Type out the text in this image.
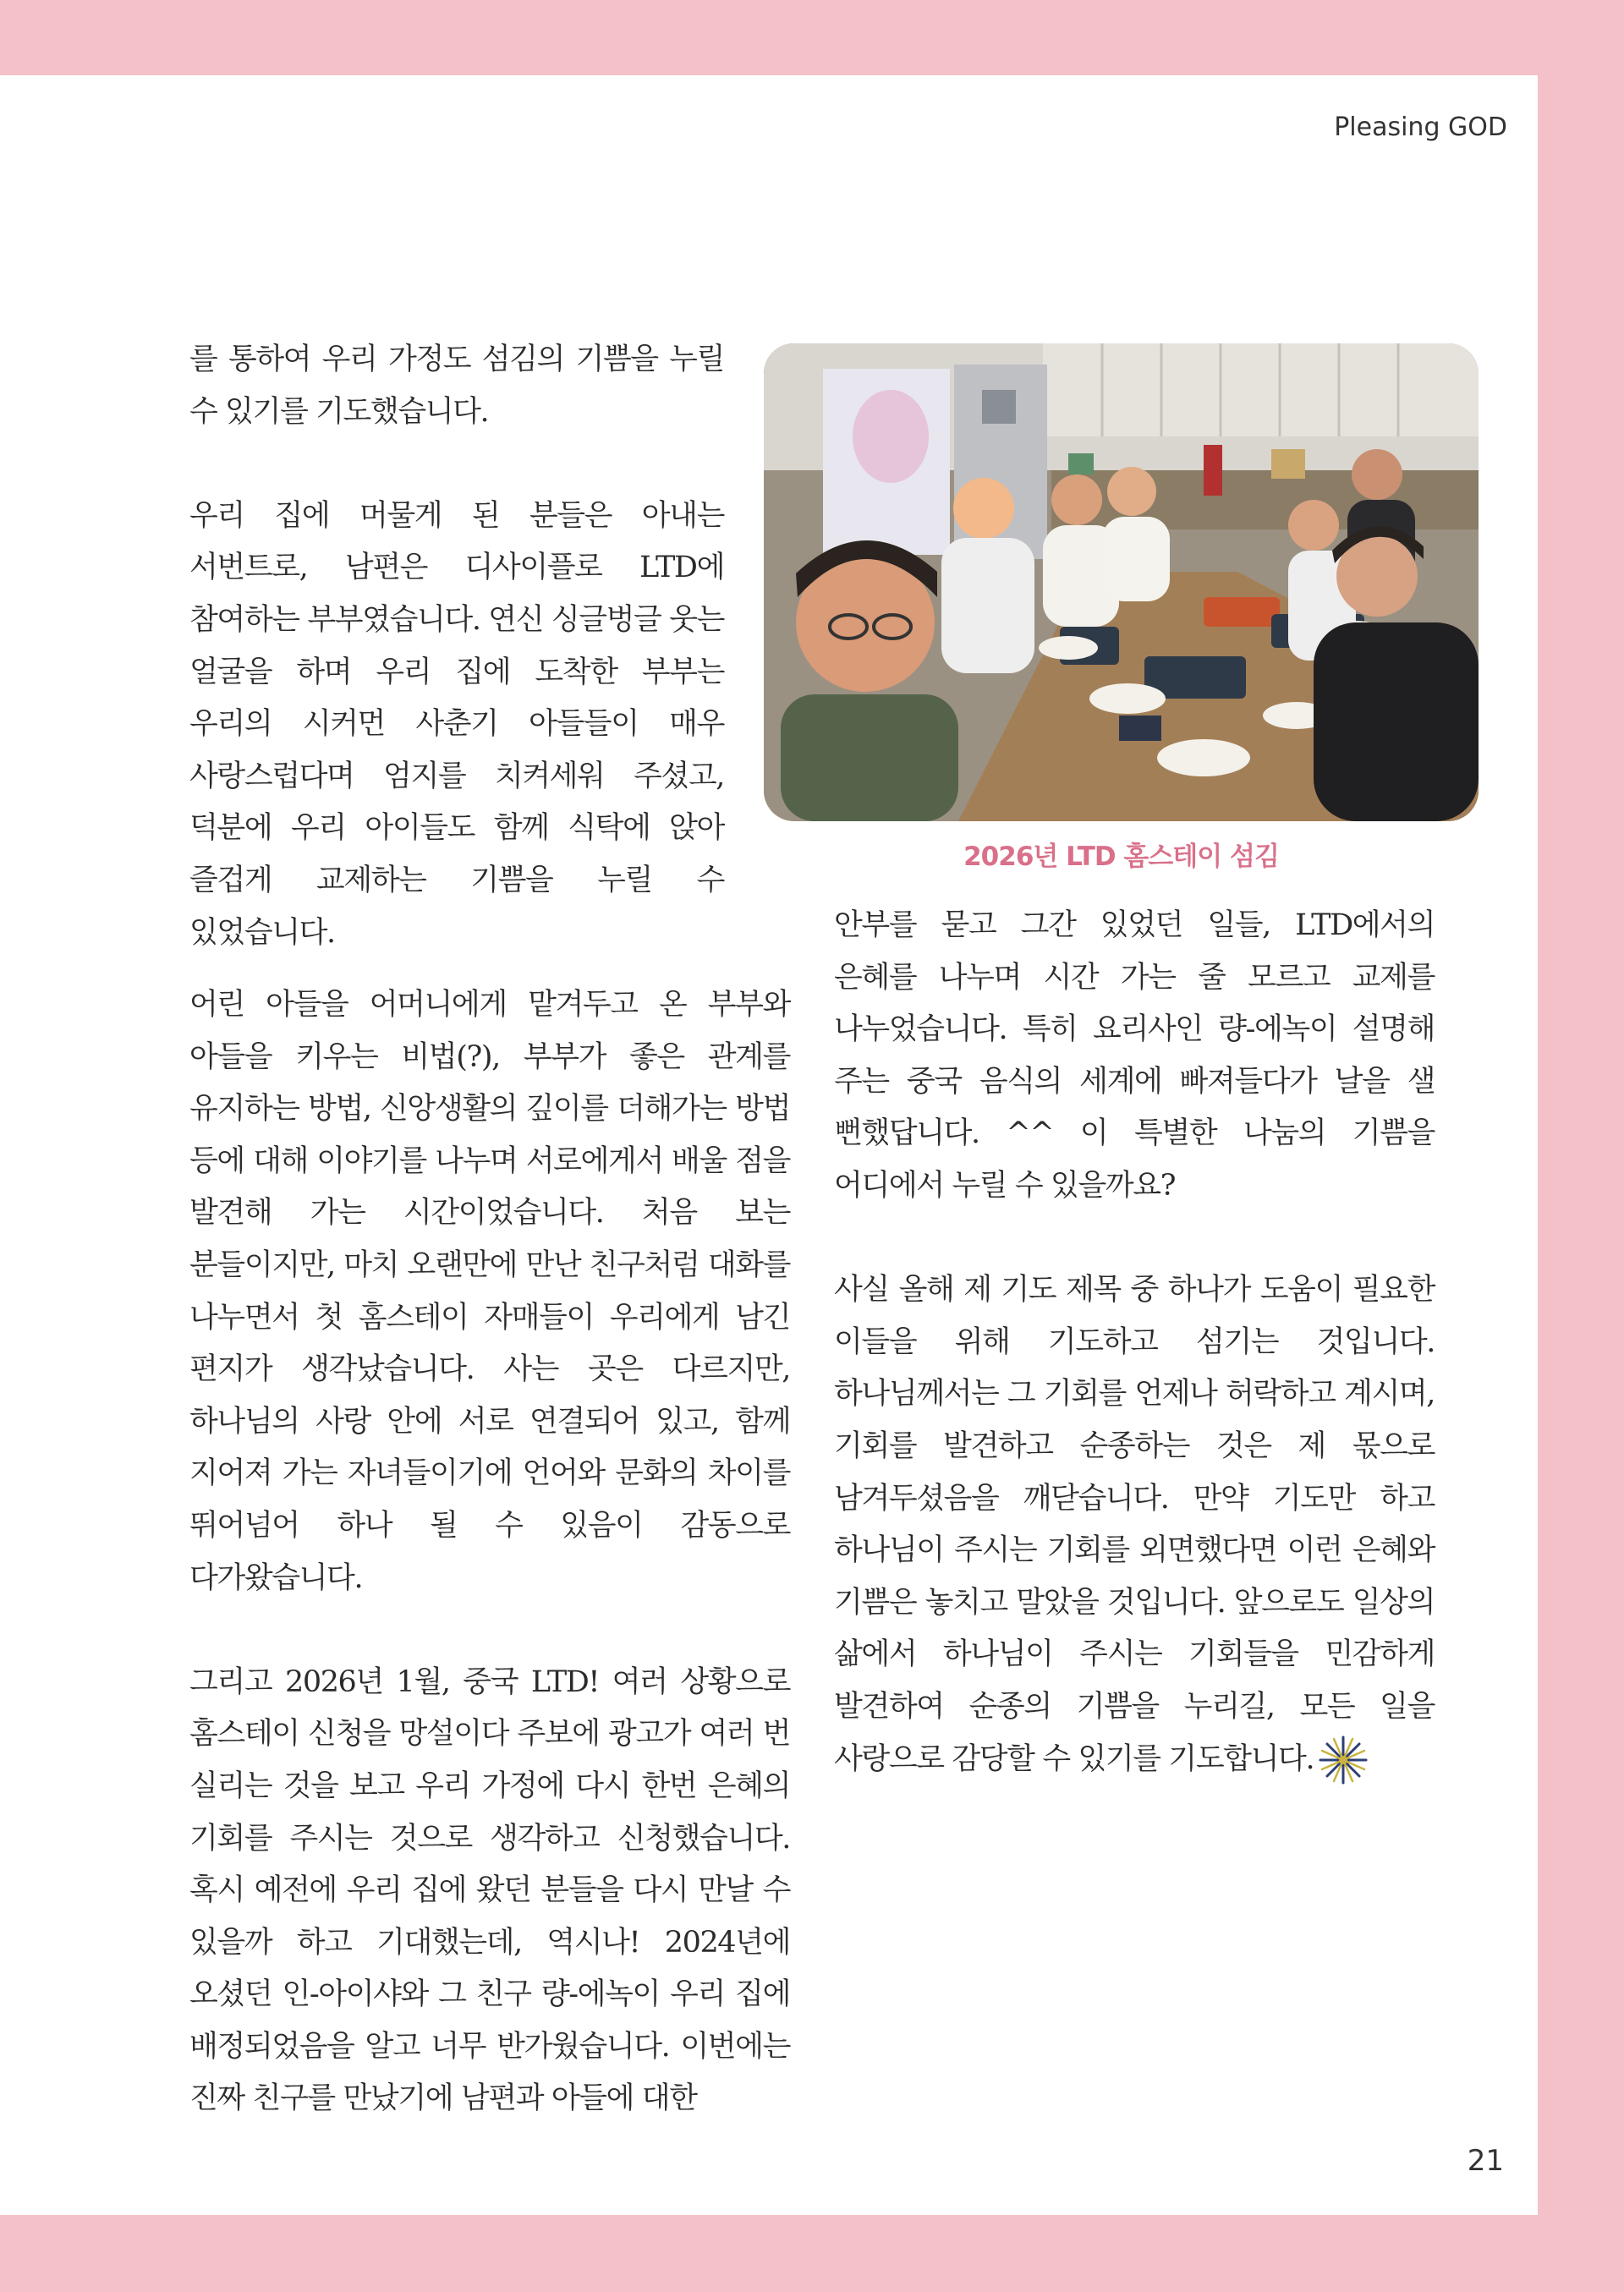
Pleasing GOD

를 통하여 우리 가정도 섬김의 기쁨을 누릴 수 있기를 기도했습니다.

우리 집에 머물게 된 분들은 아내는 서번트로, 남편은 디사이플로 LTD에 참여하는 부부였습니다. 연신 싱글벙글 웃는 얼굴을 하며 우리 집에 도착한 부부는 우리의 시커먼 사춘기 아들들이 매우 사랑스럽다며 엄지를 치켜세워 주셨고, 덕분에 우리 아이들도 함께 식탁에 앉아 즐겁게 교제하는 기쁨을 누릴 수 있었습니다.

2026년 LTD 홈스테이 섬김

어린 아들을 어머니에게 맡겨두고 온 부부와 아들을 키우는 비법(?), 부부가 좋은 관계를 유지하는 방법, 신앙생활의 깊이를 더해가는 방법 등에 대해 이야기를 나누며 서로에게서 배울 점을 발견해 가는 시간이었습니다. 처음 보는 분들이지만, 마치 오랜만에 만난 친구처럼 대화를 나누면서 첫 홈스테이 자매들이 우리에게 남긴 편지가 생각났습니다. 사는 곳은 다르지만, 하나님의 사랑 안에 서로 연결되어 있고, 함께 지어져 가는 자녀들이기에 언어와 문화의 차이를 뛰어넘어 하나 될 수 있음이 감동으로 다가왔습니다.

그리고 2026년 1월, 중국 LTD! 여러 상황으로 홈스테이 신청을 망설이다 주보에 광고가 여러 번 실리는 것을 보고 우리 가정에 다시 한번 은혜의 기회를 주시는 것으로 생각하고 신청했습니다. 혹시 예전에 우리 집에 왔던 분들을 다시 만날 수 있을까 하고 기대했는데, 역시나! 2024년에 오셨던 인-아이샤와 그 친구 량-에녹이 우리 집에 배정되었음을 알고 너무 반가웠습니다. 이번에는 진짜 친구를 만났기에 남편과 아들에 대한

안부를 묻고 그간 있었던 일들, LTD에서의 은혜를 나누며 시간 가는 줄 모르고 교제를 나누었습니다. 특히 요리사인 량-에녹이 설명해 주는 중국 음식의 세계에 빠져들다가 날을 샐 뻔했답니다. ^^ 이 특별한 나눔의 기쁨을 어디에서 누릴 수 있을까요?

사실 올해 제 기도 제목 중 하나가 도움이 필요한 이들을 위해 기도하고 섬기는 것입니다. 하나님께서는 그 기회를 언제나 허락하고 계시며, 기회를 발견하고 순종하는 것은 제 몫으로 남겨두셨음을 깨닫습니다. 만약 기도만 하고 하나님이 주시는 기회를 외면했다면 이런 은혜와 기쁨은 놓치고 말았을 것입니다. 앞으로도 일상의 삶에서 하나님이 주시는 기회들을 민감하게 발견하여 순종의 기쁨을 누리길, 모든 일을 사랑으로 감당할 수 있기를 기도합니다.

21
